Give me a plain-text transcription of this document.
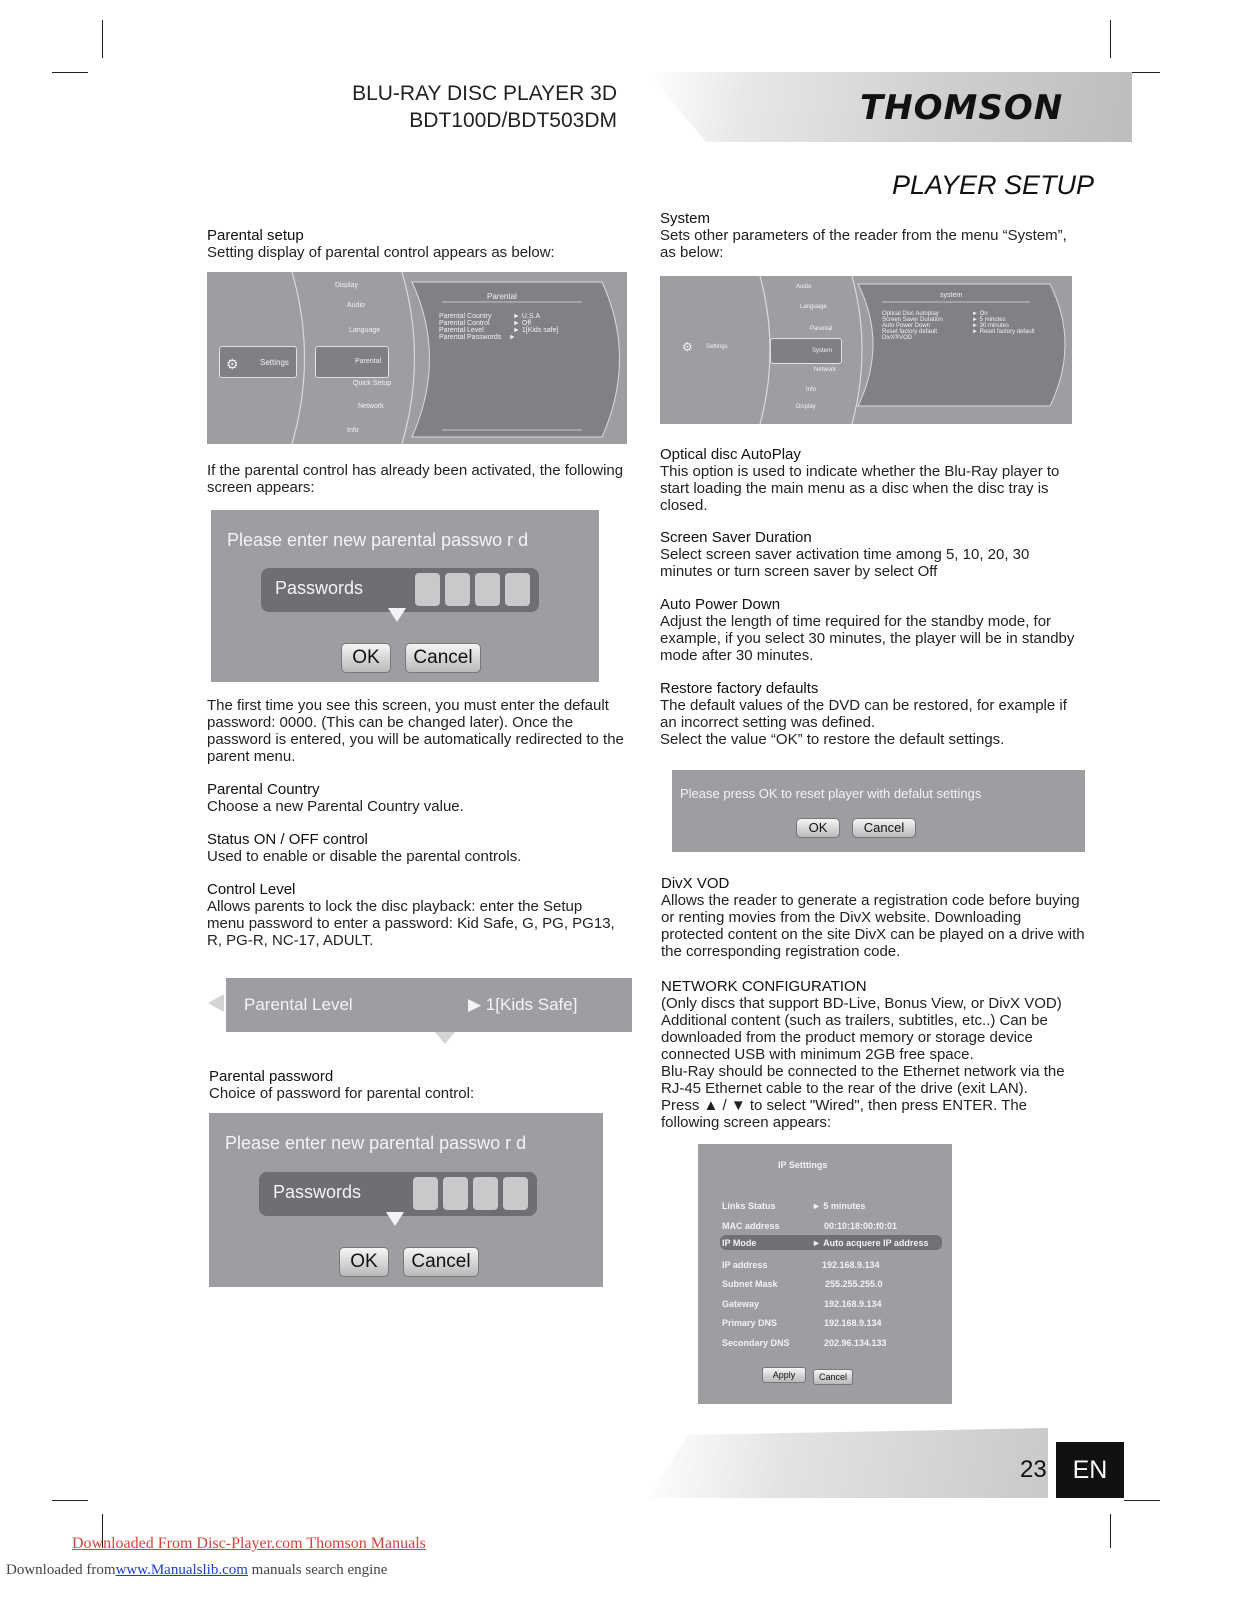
BLU-RAY DISC PLAYER 3D
BDT100D/BDT503DM	THOMSON
PLAYER SETUP

Parental setup

Setting display of parental control appears as below:

⚙	Settings
Display
Audio
Language
Parental
Quick Setup
Network
Info
Parental
Parental Country	► U.S.A
Parental Control	► Off
Parental Level	► 1[Kids safe]
Parental Passwords ►

If the parental control has already been activated, the following screen appears:

Please enter new parental passwo r d
Passwords
OK	Cancel

The first time you see this screen, you must enter the default password: 0000. (This can be changed later). Once the password is entered, you will be automatically redirected to the parent menu.

Parental Country

Choose a new Parental Country value.

Status ON / OFF control

Used to enable or disable the parental controls.

Control Level

Allows parents to lock the disc playback: enter the Setup menu password to enter a password: Kid Safe, G, PG, PG13, R, PG-R, NC-17, ADULT.

Parental Level	▶ 1[Kids Safe]

Parental password

Choice of password for parental control:

Please enter new parental passwo r d
Passwords
OK	Cancel

System

Sets other parameters of the reader from the menu “System”, as below:

⚙ Settings
Audio
Language
Parental
System
Network
Info
Display
system
Optical Disc Autoplay	► On
Screen Saver Duration	► 5 minutes
Auto Power Down	► 30 minutes
Reset factory default	► Reset factory default
DivX®VOD

Optical disc AutoPlay

This option is used to indicate whether the Blu-Ray player to start loading the main menu as a disc when the disc tray is closed.

Screen Saver Duration

Select screen saver activation time among 5, 10, 20, 30 minutes or turn screen saver by select Off

Auto Power Down

Adjust the length of time required for the standby mode, for example, if you select 30 minutes, the player will be in standby mode after 30 minutes.

Restore factory defaults

The default values of the DVD can be restored, for example if an incorrect setting was defined.

Select the value “OK” to restore the default settings.

Please press OK to reset player with defalut settings
OK	Cancel

DivX VOD

Allows the reader to generate a registration code before buying or renting movies from the DivX website. Downloading protected content on the site DivX can be played on a drive with the corresponding registration code.

NETWORK CONFIGURATION

(Only discs that support BD-Live, Bonus View, or DivX VOD) Additional content (such as trailers, subtitles, etc..) Can be downloaded from the product memory or storage device connected USB with minimum 2GB free space.

Blu-Ray should be connected to the Ethernet network via the RJ-45 Ethernet cable to the rear of the drive (exit LAN).

Press ▲ / ▼ to select "Wired", then press ENTER. The following screen appears:

IP Setttings
Links Status	► 5 minutes
MAC address	00:10:18:00:f0:01
IP Mode	► Auto acquere IP address
IP address	192.168.9.134
Subnet Mask	255.255.255.0
Gateway	192.168.9.134
Primary DNS	192.168.9.134
Secondary DNS	202.96.134.133
Apply	Cancel
23	EN
Downloaded From Disc-Player.com Thomson Manuals
Downloaded fromwww.Manualslib.com manuals search engine
